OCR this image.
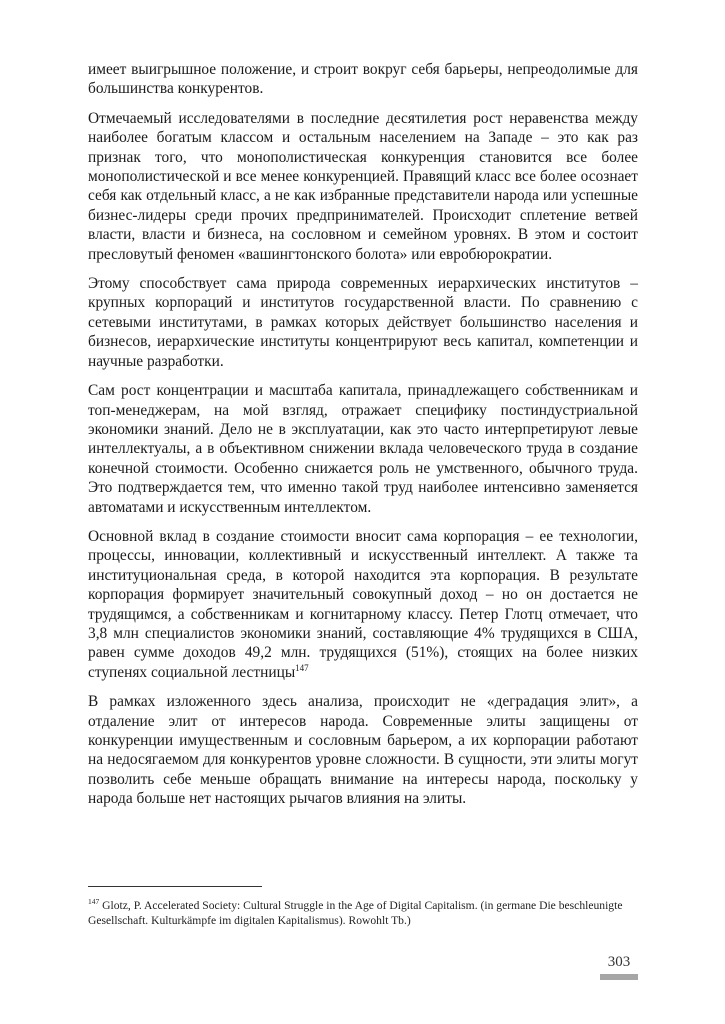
имеет выигрышное положение, и строит вокруг себя барьеры, непреодолимые для большинства конкурентов.

Отмечаемый исследователями в последние десятилетия рост неравенства между наиболее богатым классом и остальным населением на Западе – это как раз признак того, что монополистическая конкуренция становится все более монополистической и все менее конкуренцией. Правящий класс все более осознает себя как отдельный класс, а не как избранные представители народа или успешные бизнес-лидеры среди прочих предпринимателей. Происходит сплетение ветвей власти, власти и бизнеса, на сословном и семейном уровнях. В этом и состоит пресловутый феномен «вашингтонского болота» или евробюрократии.

Этому способствует сама природа современных иерархических институтов – крупных корпораций и институтов государственной власти. По сравнению с сетевыми институтами, в рамках которых действует большинство населения и бизнесов, иерархические институты концентрируют весь капитал, компетенции и научные разработки.

Сам рост концентрации и масштаба капитала, принадлежащего собственникам и топ-менеджерам, на мой взгляд, отражает специфику постиндустриальной экономики знаний. Дело не в эксплуатации, как это часто интерпретируют левые интеллектуалы, а в объективном снижении вклада человеческого труда в создание конечной стоимости. Особенно снижается роль не умственного, обычного труда. Это подтверждается тем, что именно такой труд наиболее интенсивно заменяется автоматами и искусственным интеллектом.

Основной вклад в создание стоимости вносит сама корпорация – ее технологии, процессы, инновации, коллективный и искусственный интеллект. А также та институциональная среда, в которой находится эта корпорация. В результате корпорация формирует значительный совокупный доход – но он достается не трудящимся, а собственникам и когнитарному классу. Петер Глотц отмечает, что 3,8 млн специалистов экономики знаний, составляющие 4% трудящихся в США, равен сумме доходов 49,2 млн. трудящихся (51%), стоящих на более низких ступенях социальной лестницы$^{147}$

В рамках изложенного здесь анализа, происходит не «деградация элит», а отдаление элит от интересов народа. Современные элиты защищены от конкуренции имущественным и сословным барьером, а их корпорации работают на недосягаемом для конкурентов уровне сложности. В сущности, эти элиты могут позволить себе меньше обращать внимание на интересы народа, поскольку у народа больше нет настоящих рычагов влияния на элиты.

$^{147}$ Glotz, P. Accelerated Society: Cultural Struggle in the Age of Digital Capitalism. (in germane Die beschleunigte Gesellschaft. Kulturkämpfe im digitalen Kapitalismus). Rowohlt Tb.)
303
